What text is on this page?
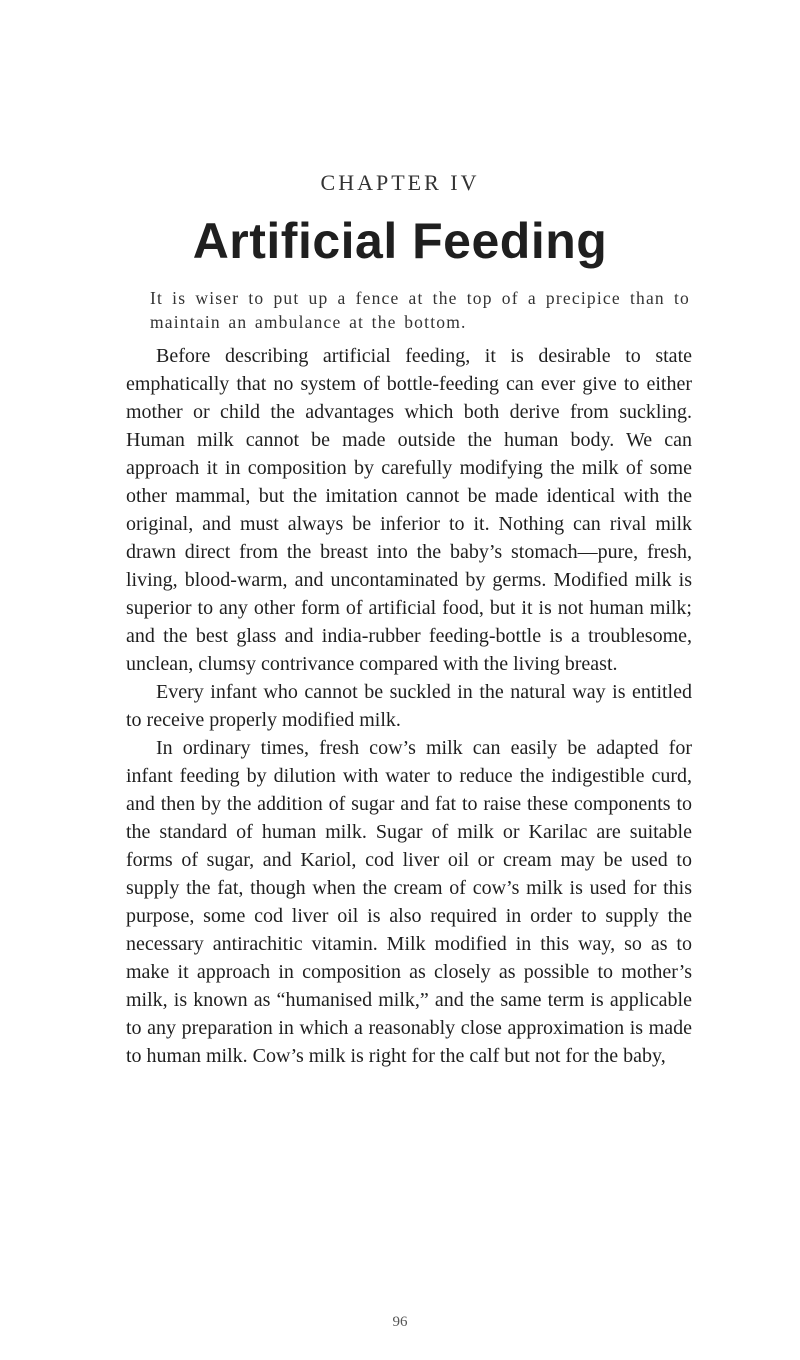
CHAPTER IV
Artificial Feeding
It is wiser to put up a fence at the top of a precipice than to maintain an ambulance at the bottom.

Before describing artificial feeding, it is desirable to state emphatically that no system of bottle-feeding can ever give to either mother or child the advantages which both derive from suckling. Human milk cannot be made outside the human body. We can approach it in composition by carefully modifying the milk of some other mammal, but the imitation cannot be made identical with the original, and must always be inferior to it. Nothing can rival milk drawn direct from the breast into the baby’s stomach—pure, fresh, living, blood-warm, and uncontaminated by germs. Modified milk is superior to any other form of artificial food, but it is not human milk; and the best glass and india-rubber feeding-bottle is a troublesome, unclean, clumsy contrivance compared with the living breast.

Every infant who cannot be suckled in the natural way is entitled to receive properly modified milk.

In ordinary times, fresh cow’s milk can easily be adapted for infant feeding by dilution with water to reduce the indigestible curd, and then by the addition of sugar and fat to raise these components to the standard of human milk. Sugar of milk or Karilac are suitable forms of sugar, and Kariol, cod liver oil or cream may be used to supply the fat, though when the cream of cow’s milk is used for this purpose, some cod liver oil is also required in order to supply the necessary antirachitic vitamin. Milk modified in this way, so as to make it approach in composition as closely as possible to mother’s milk, is known as “humanised milk,” and the same term is applicable to any preparation in which a reasonably close approximation is made to human milk. Cow’s milk is right for the calf but not for the baby,

96
